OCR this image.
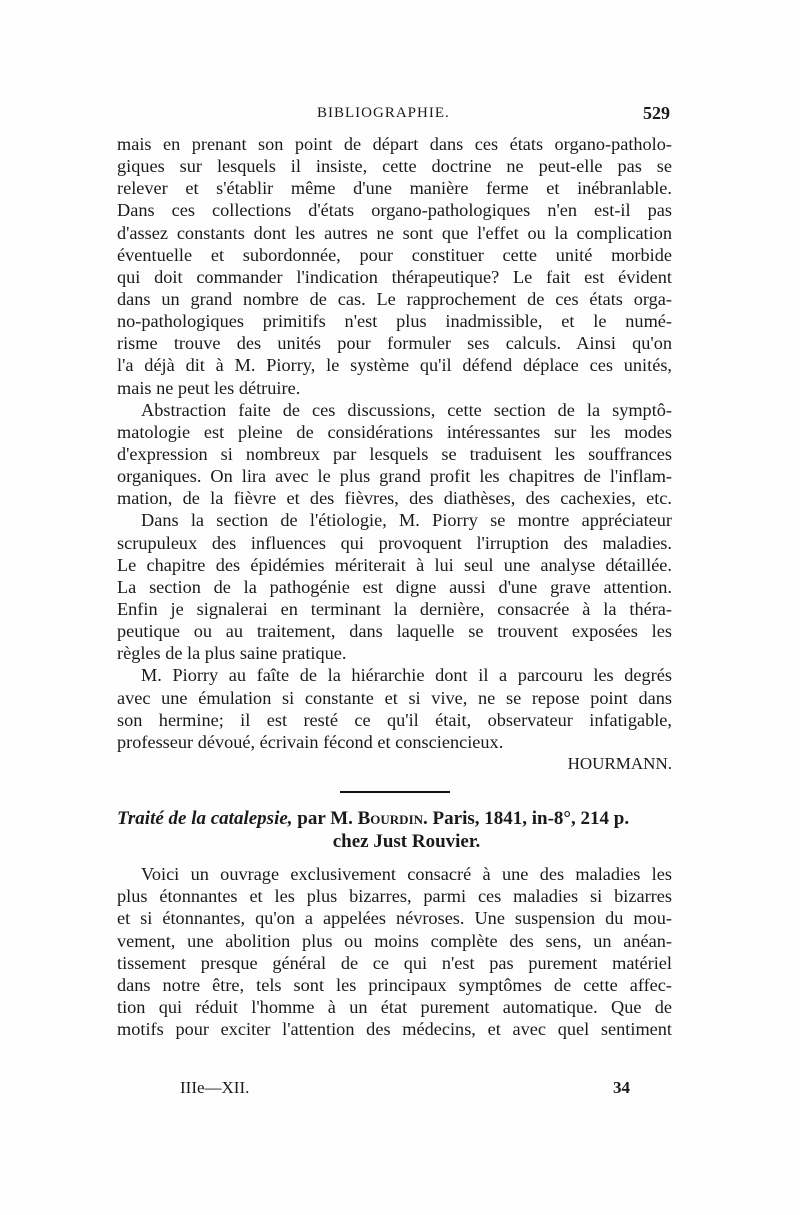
BIBLIOGRAPHIE.	529
mais en prenant son point de départ dans ces états organo-patholo-
giques sur lesquels il insiste, cette doctrine ne peut-elle pas se
relever et s'établir même d'une manière ferme et inébranlable.
Dans ces collections d'états organo-pathologiques n'en est-il pas
d'assez constants dont les autres ne sont que l'effet ou la complication
éventuelle et subordonnée, pour constituer cette unité morbide
qui doit commander l'indication thérapeutique? Le fait est évident
dans un grand nombre de cas. Le rapprochement de ces états orga-
no-pathologiques primitifs n'est plus inadmissible, et le numé-
risme trouve des unités pour formuler ses calculs. Ainsi qu'on
l'a déjà dit à M. Piorry, le système qu'il défend déplace ces unités,
mais ne peut les détruire.
Abstraction faite de ces discussions, cette section de la symptô-
matologie est pleine de considérations intéressantes sur les modes
d'expression si nombreux par lesquels se traduisent les souffrances
organiques. On lira avec le plus grand profit les chapitres de l'inflam-
mation, de la fièvre et des fièvres, des diathèses, des cachexies, etc.
Dans la section de l'étiologie, M. Piorry se montre appréciateur
scrupuleux des influences qui provoquent l'irruption des maladies.
Le chapitre des épidémies mériterait à lui seul une analyse détaillée.
La section de la pathogénie est digne aussi d'une grave attention.
Enfin je signalerai en terminant la dernière, consacrée à la théra-
peutique ou au traitement, dans laquelle se trouvent exposées les
règles de la plus saine pratique.
M. Piorry au faîte de la hiérarchie dont il a parcouru les degrés
avec une émulation si constante et si vive, ne se repose point dans
son hermine; il est resté ce qu'il était, observateur infatigable,
professeur dévoué, écrivain fécond et consciencieux.
HOURMANN.
Traité de la catalepsie, par M. Bourdin. Paris, 1841, in-8°, 214 p.
chez Just Rouvier.
Voici un ouvrage exclusivement consacré à une des maladies les
plus étonnantes et les plus bizarres, parmi ces maladies si bizarres
et si étonnantes, qu'on a appelées névroses. Une suspension du mou-
vement, une abolition plus ou moins complète des sens, un anéan-
tissement presque général de ce qui n'est pas purement matériel
dans notre être, tels sont les principaux symptômes de cette affec-
tion qui réduit l'homme à un état purement automatique. Que de
motifs pour exciter l'attention des médecins, et avec quel sentiment
IIIe—XII.	34
